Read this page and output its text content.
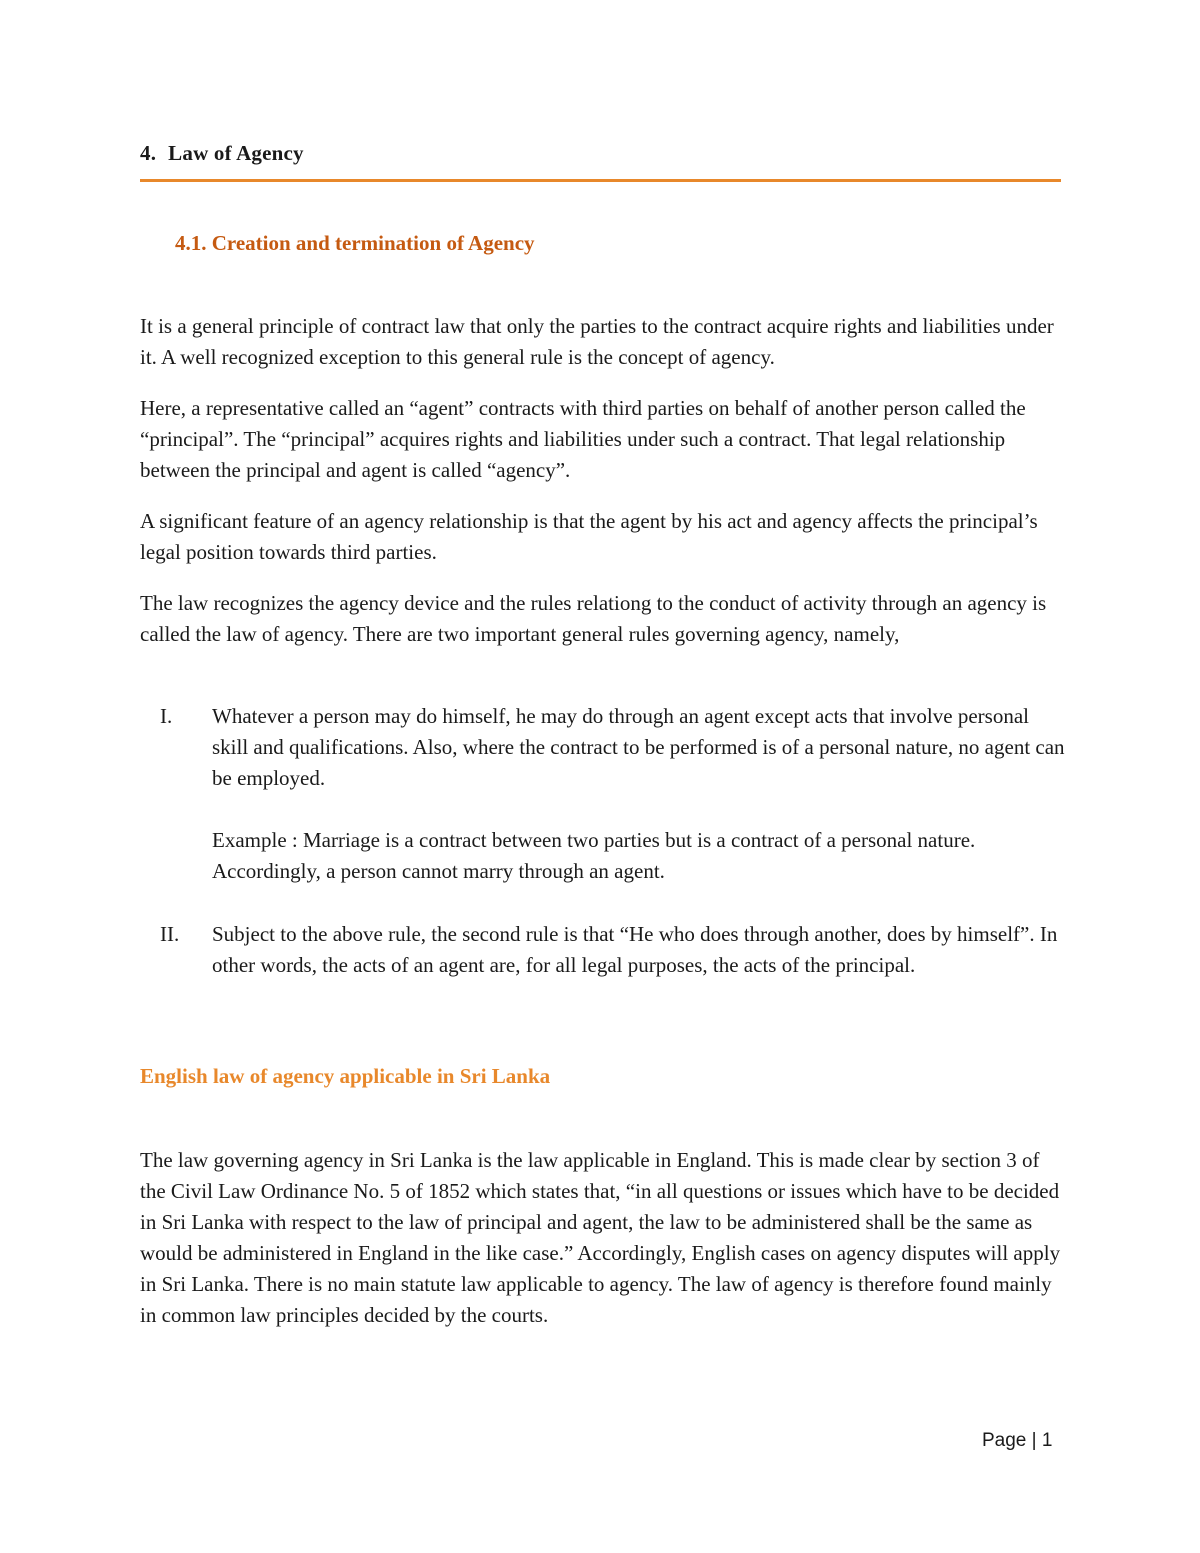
4. Law of Agency
4.1. Creation and termination of Agency

It is a general principle of contract law that only the parties to the contract acquire rights and liabilities under it. A well recognized exception to this general rule is the concept of agency.

Here, a representative called an “agent” contracts with third parties on behalf of another person called the “principal”. The “principal” acquires rights and liabilities under such a contract. That legal relationship between the principal and agent is called “agency”.

A significant feature of an agency relationship is that the agent by his act and agency affects the principal’s legal position towards third parties.

The law recognizes the agency device and the rules relationg to the conduct of activity through an agency is called the law of agency. There are two important general rules governing agency, namely,

I. Whatever a person may do himself, he may do through an agent except acts that involve personal skill and qualifications. Also, where the contract to be performed is of a personal nature, no agent can be employed.
Example : Marriage is a contract between two parties but is a contract of a personal nature. Accordingly, a person cannot marry through an agent.
II. Subject to the above rule, the second rule is that “He who does through another, does by himself”. In other words, the acts of an agent are, for all legal purposes, the acts of the principal.
English law of agency applicable in Sri Lanka

The law governing agency in Sri Lanka is the law applicable in England. This is made clear by section 3 of the Civil Law Ordinance No. 5 of 1852 which states that, “in all questions or issues which have to be decided in Sri Lanka with respect to the law of principal and agent, the law to be administered shall be the same as would be administered in England in the like case.” Accordingly, English cases on agency disputes will apply in Sri Lanka. There is no main statute law applicable to agency. The law of agency is therefore found mainly in common law principles decided by the courts.

Page | 1
